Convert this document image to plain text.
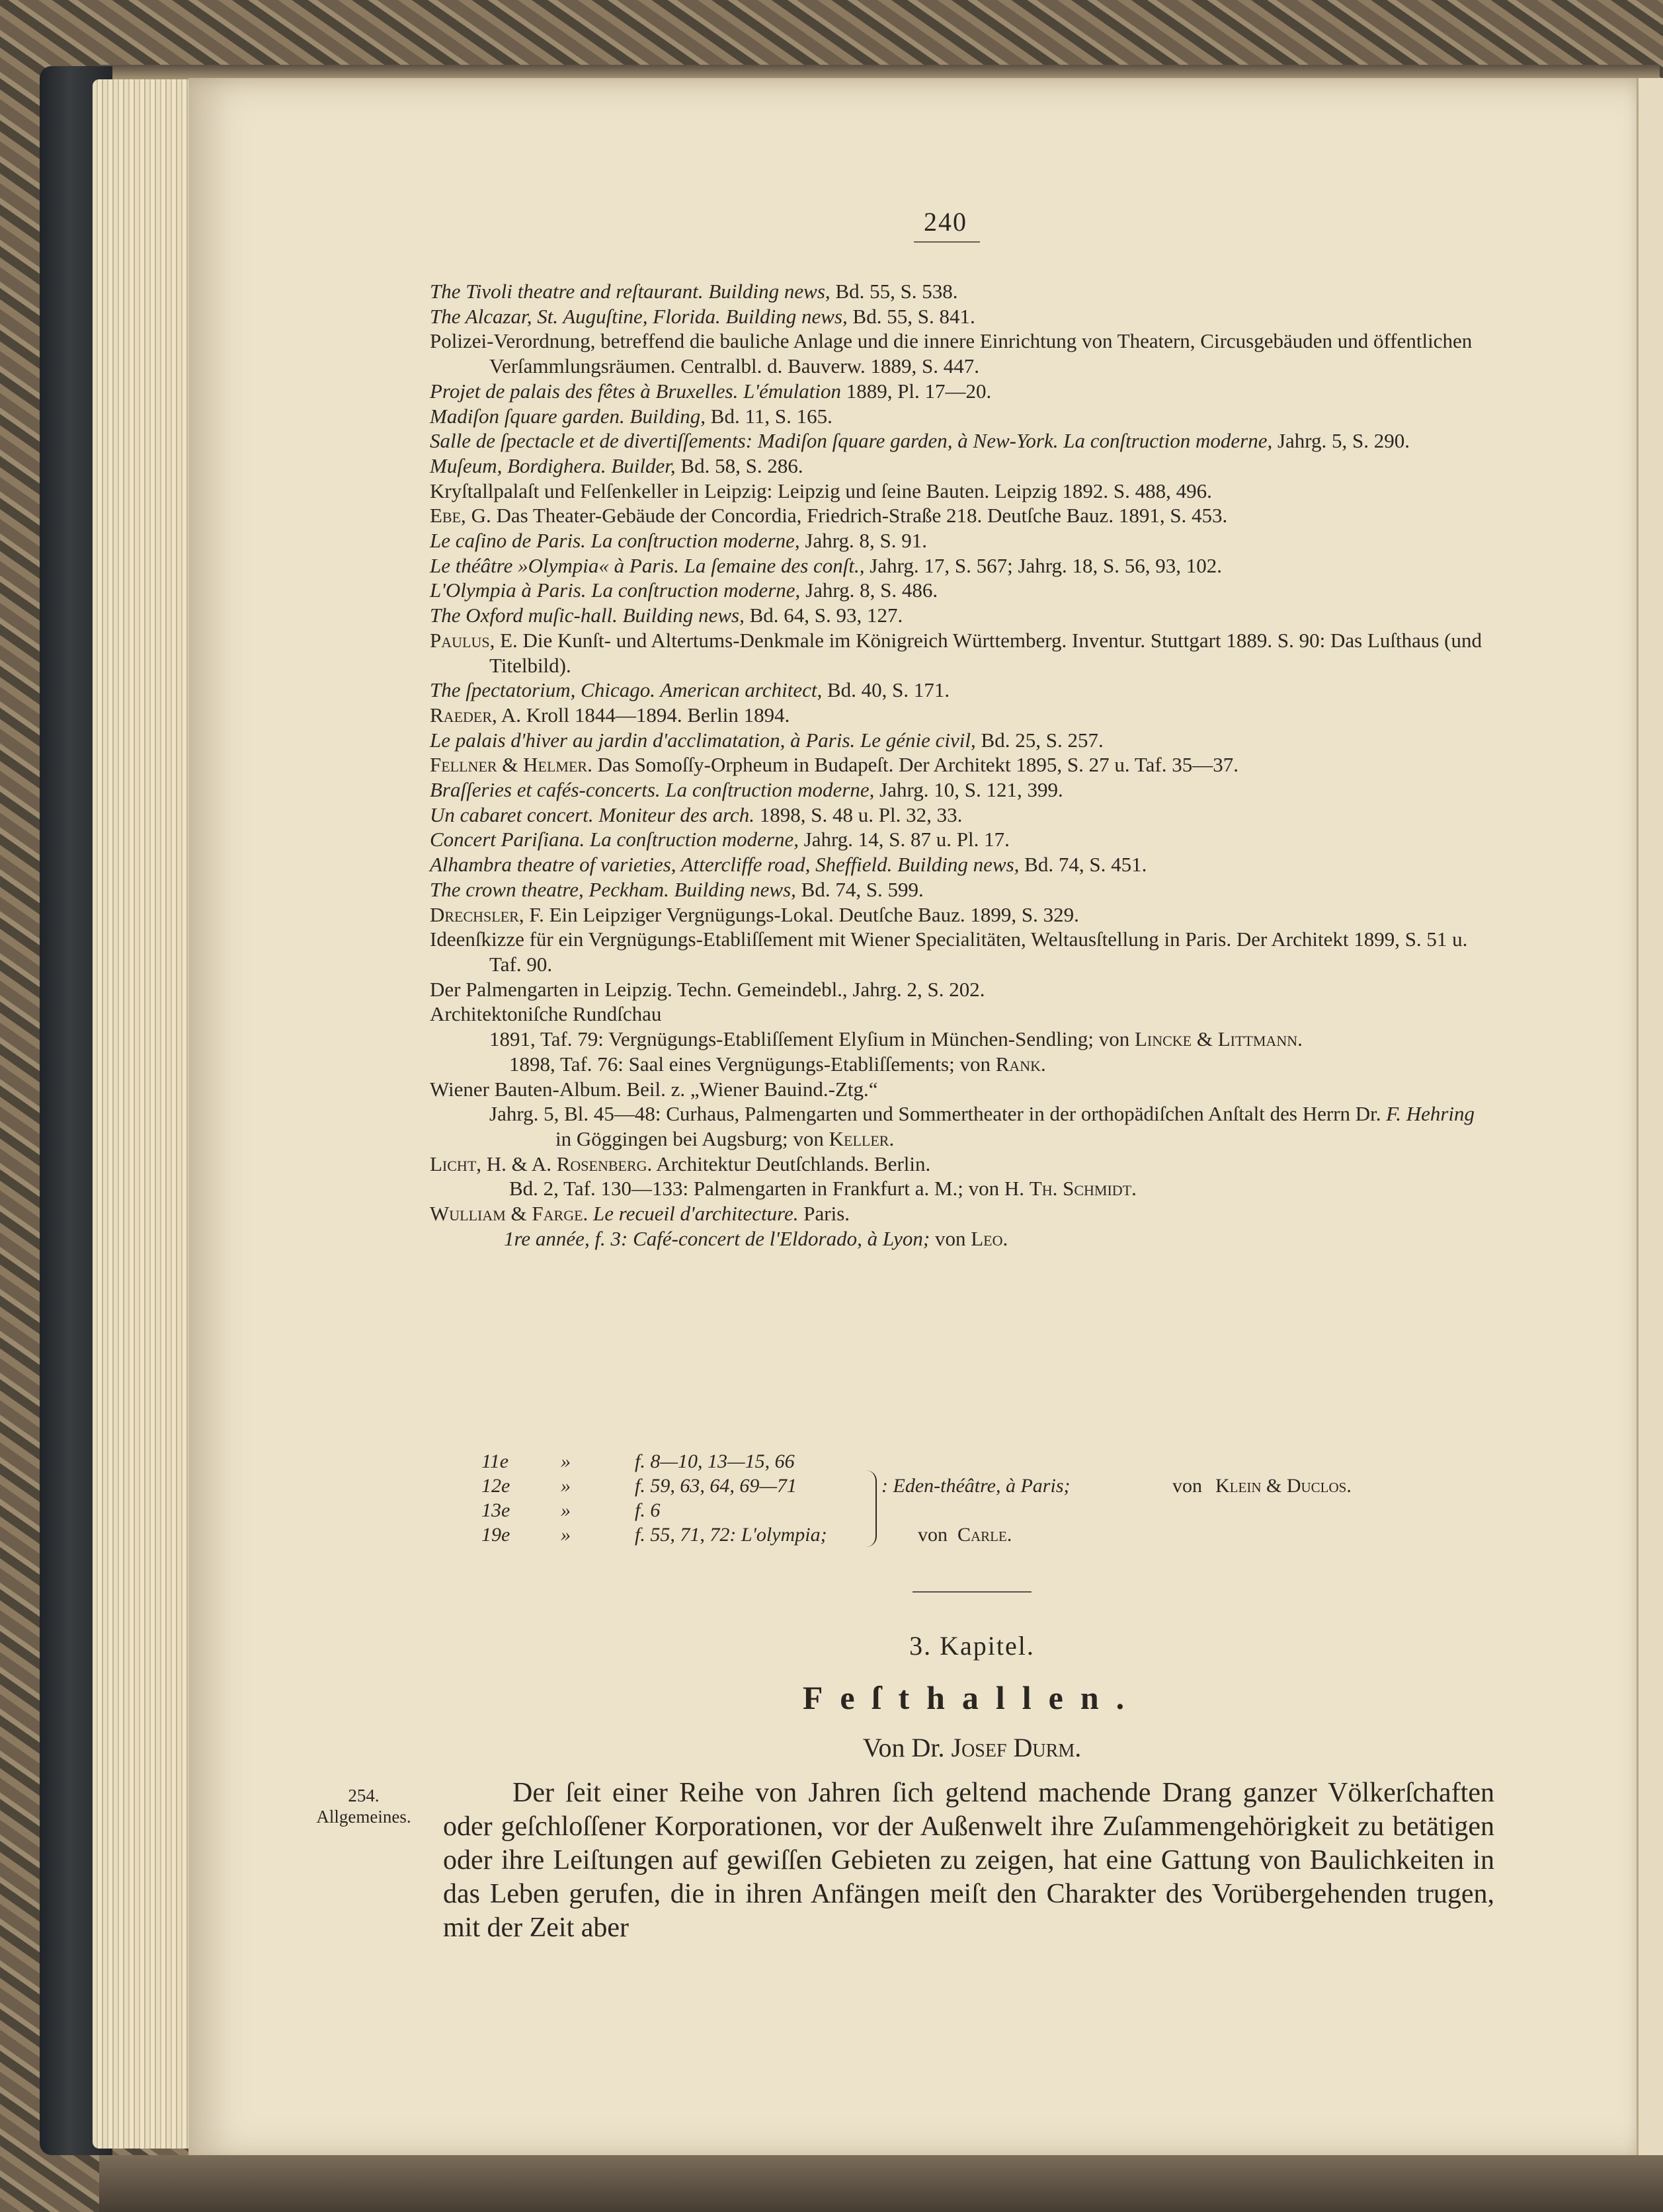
240
The Tivoli theatre and reſtaurant. Building news, Bd. 55, S. 538.
The Alcazar, St. Auguſtine, Florida. Building news, Bd. 55, S. 841.
Polizei-Verordnung, betreffend die bauliche Anlage und die innere Einrichtung von Theatern, Circusgebäuden und öffentlichen Verſammlungsräumen. Centralbl. d. Bauverw. 1889, S. 447.
Projet de palais des fêtes à Bruxelles. L'émulation 1889, Pl. 17—20.
Madiſon ſquare garden. Building, Bd. 11, S. 165.
Salle de ſpectacle et de divertiſſements: Madiſon ſquare garden, à New-York. La conſtruction moderne, Jahrg. 5, S. 290.
Muſeum, Bordighera. Builder, Bd. 58, S. 286.
Kryſtallpalaſt und Felſenkeller in Leipzig: Leipzig und ſeine Bauten. Leipzig 1892. S. 488, 496.
Ebe, G. Das Theater-Gebäude der Concordia, Friedrich-Straße 218. Deutſche Bauz. 1891, S. 453.
Le caſino de Paris. La conſtruction moderne, Jahrg. 8, S. 91.
Le théâtre »Olympia« à Paris. La ſemaine des conſt., Jahrg. 17, S. 567; Jahrg. 18, S. 56, 93, 102.
L'Olympia à Paris. La conſtruction moderne, Jahrg. 8, S. 486.
The Oxford muſic-hall. Building news, Bd. 64, S. 93, 127.
Paulus, E. Die Kunſt- und Altertums-Denkmale im Königreich Württemberg. Inventur. Stuttgart 1889. S. 90: Das Luſthaus (und Titelbild).
The ſpectatorium, Chicago. American architect, Bd. 40, S. 171.
Raeder, A. Kroll 1844—1894. Berlin 1894.
Le palais d'hiver au jardin d'acclimatation, à Paris. Le génie civil, Bd. 25, S. 257.
Fellner & Helmer. Das Somoſſy-Orpheum in Budapeſt. Der Architekt 1895, S. 27 u. Taf. 35—37.
Braſſeries et cafés-concerts. La conſtruction moderne, Jahrg. 10, S. 121, 399.
Un cabaret concert. Moniteur des arch. 1898, S. 48 u. Pl. 32, 33.
Concert Pariſiana. La conſtruction moderne, Jahrg. 14, S. 87 u. Pl. 17.
Alhambra theatre of varieties, Attercliffe road, Sheffield. Building news, Bd. 74, S. 451.
The crown theatre, Peckham. Building news, Bd. 74, S. 599.
Drechsler, F. Ein Leipziger Vergnügungs-Lokal. Deutſche Bauz. 1899, S. 329.
Ideenſkizze für ein Vergnügungs-Etabliſſement mit Wiener Specialitäten, Weltausſtellung in Paris. Der Architekt 1899, S. 51 u. Taf. 90.
Der Palmengarten in Leipzig. Techn. Gemeindebl., Jahrg. 2, S. 202.
Architektoniſche Rundſchau
1891, Taf. 79: Vergnügungs-Etabliſſement Elyſium in München-Sendling; von Lincke & Littmann.
1898, Taf. 76: Saal eines Vergnügungs-Etabliſſements; von Rank.
Wiener Bauten-Album. Beil. z. „Wiener Bauind.-Ztg.“
Jahrg. 5, Bl. 45—48: Curhaus, Palmengarten und Sommertheater in der orthopädiſchen Anſtalt des Herrn Dr. F. Hehring in Göggingen bei Augsburg; von Keller.
Licht, H. & A. Rosenberg. Architektur Deutſchlands. Berlin.
Bd. 2, Taf. 130—133: Palmengarten in Frankfurt a. M.; von H. Th. Schmidt.
Wulliam & Farge. Le recueil d'architecture. Paris.
1re année, f. 3: Café-concert de l'Eldorado, à Lyon; von Leo.
11e	»	f. 8—10, 13—15, 66
12e	»	f. 59, 63, 64, 69—71	: Eden-théâtre, à Paris;	von Klein & Duclos.
13e	»	f. 6
19e	»	f. 55, 71, 72: L'olympia;	von Carle.
3. Kapitel.
Feſthallen.
Von Dr. Josef Durm.
254.
Allgemeines.

Der ſeit einer Reihe von Jahren ſich geltend machende Drang ganzer Völkerſchaften oder geſchloſſener Korporationen, vor der Außenwelt ihre Zuſammengehörigkeit zu betätigen oder ihre Leiſtungen auf gewiſſen Gebieten zu zeigen, hat eine Gattung von Baulichkeiten in das Leben gerufen, die in ihren Anfängen meiſt den Charakter des Vorübergehenden trugen, mit der Zeit aber
